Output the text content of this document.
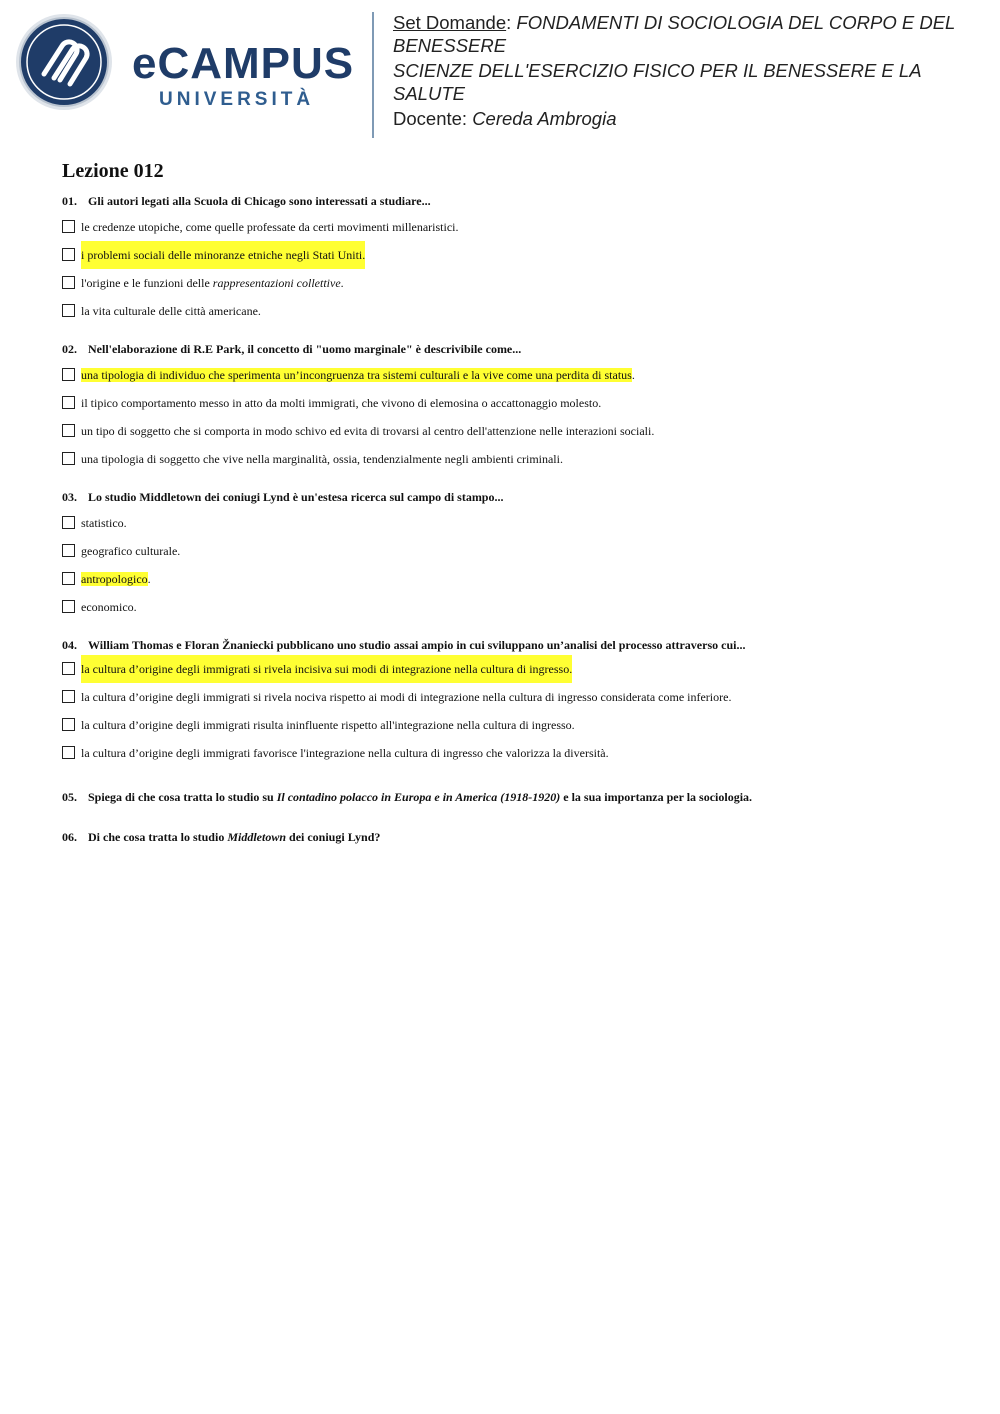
eCAMPUS
UNIVERSITÀ

Set Domande: FONDAMENTI DI SOCIOLOGIA DEL CORPO E DEL BENESSERE

SCIENZE DELL'ESERCIZIO FISICO PER IL BENESSERE E LA SALUTE

Docente: Cereda Ambrogia

Lezione 012

01. Gli autori legati alla Scuola di Chicago sono interessati a studiare...

le credenze utopiche, come quelle professate da certi movimenti millenaristici.
i problemi sociali delle minoranze etniche negli Stati Uniti.
l'origine e le funzioni delle rappresentazioni collettive.
la vita culturale delle città americane.

02. Nell'elaborazione di R.E Park, il concetto di "uomo marginale" è descrivibile come...

una tipologia di individuo che sperimenta un’incongruenza tra sistemi culturali e la vive come una perdita di status.
il tipico comportamento messo in atto da molti immigrati, che vivono di elemosina o accattonaggio molesto.
un tipo di soggetto che si comporta in modo schivo ed evita di trovarsi al centro dell'attenzione nelle interazioni sociali.
una tipologia di soggetto che vive nella marginalità, ossia, tendenzialmente negli ambienti criminali.

03. Lo studio Middletown dei coniugi Lynd è un'estesa ricerca sul campo di stampo...

statistico.
geografico culturale.
antropologico.
economico.

04. William Thomas e Floran Žnaniecki pubblicano uno studio assai ampio in cui sviluppano un’analisi del processo attraverso cui...

la cultura d’origine degli immigrati si rivela incisiva sui modi di integrazione nella cultura di ingresso.
la cultura d’origine degli immigrati si rivela nociva rispetto ai modi di integrazione nella cultura di ingresso considerata come inferiore.
la cultura d’origine degli immigrati risulta ininfluente rispetto all'integrazione nella cultura di ingresso.
la cultura d’origine degli immigrati favorisce l'integrazione nella cultura di ingresso che valorizza la diversità.

05. Spiega di che cosa tratta lo studio su Il contadino polacco in Europa e in America (1918-1920) e la sua importanza per la sociologia.

06. Di che cosa tratta lo studio Middletown dei coniugi Lynd?
